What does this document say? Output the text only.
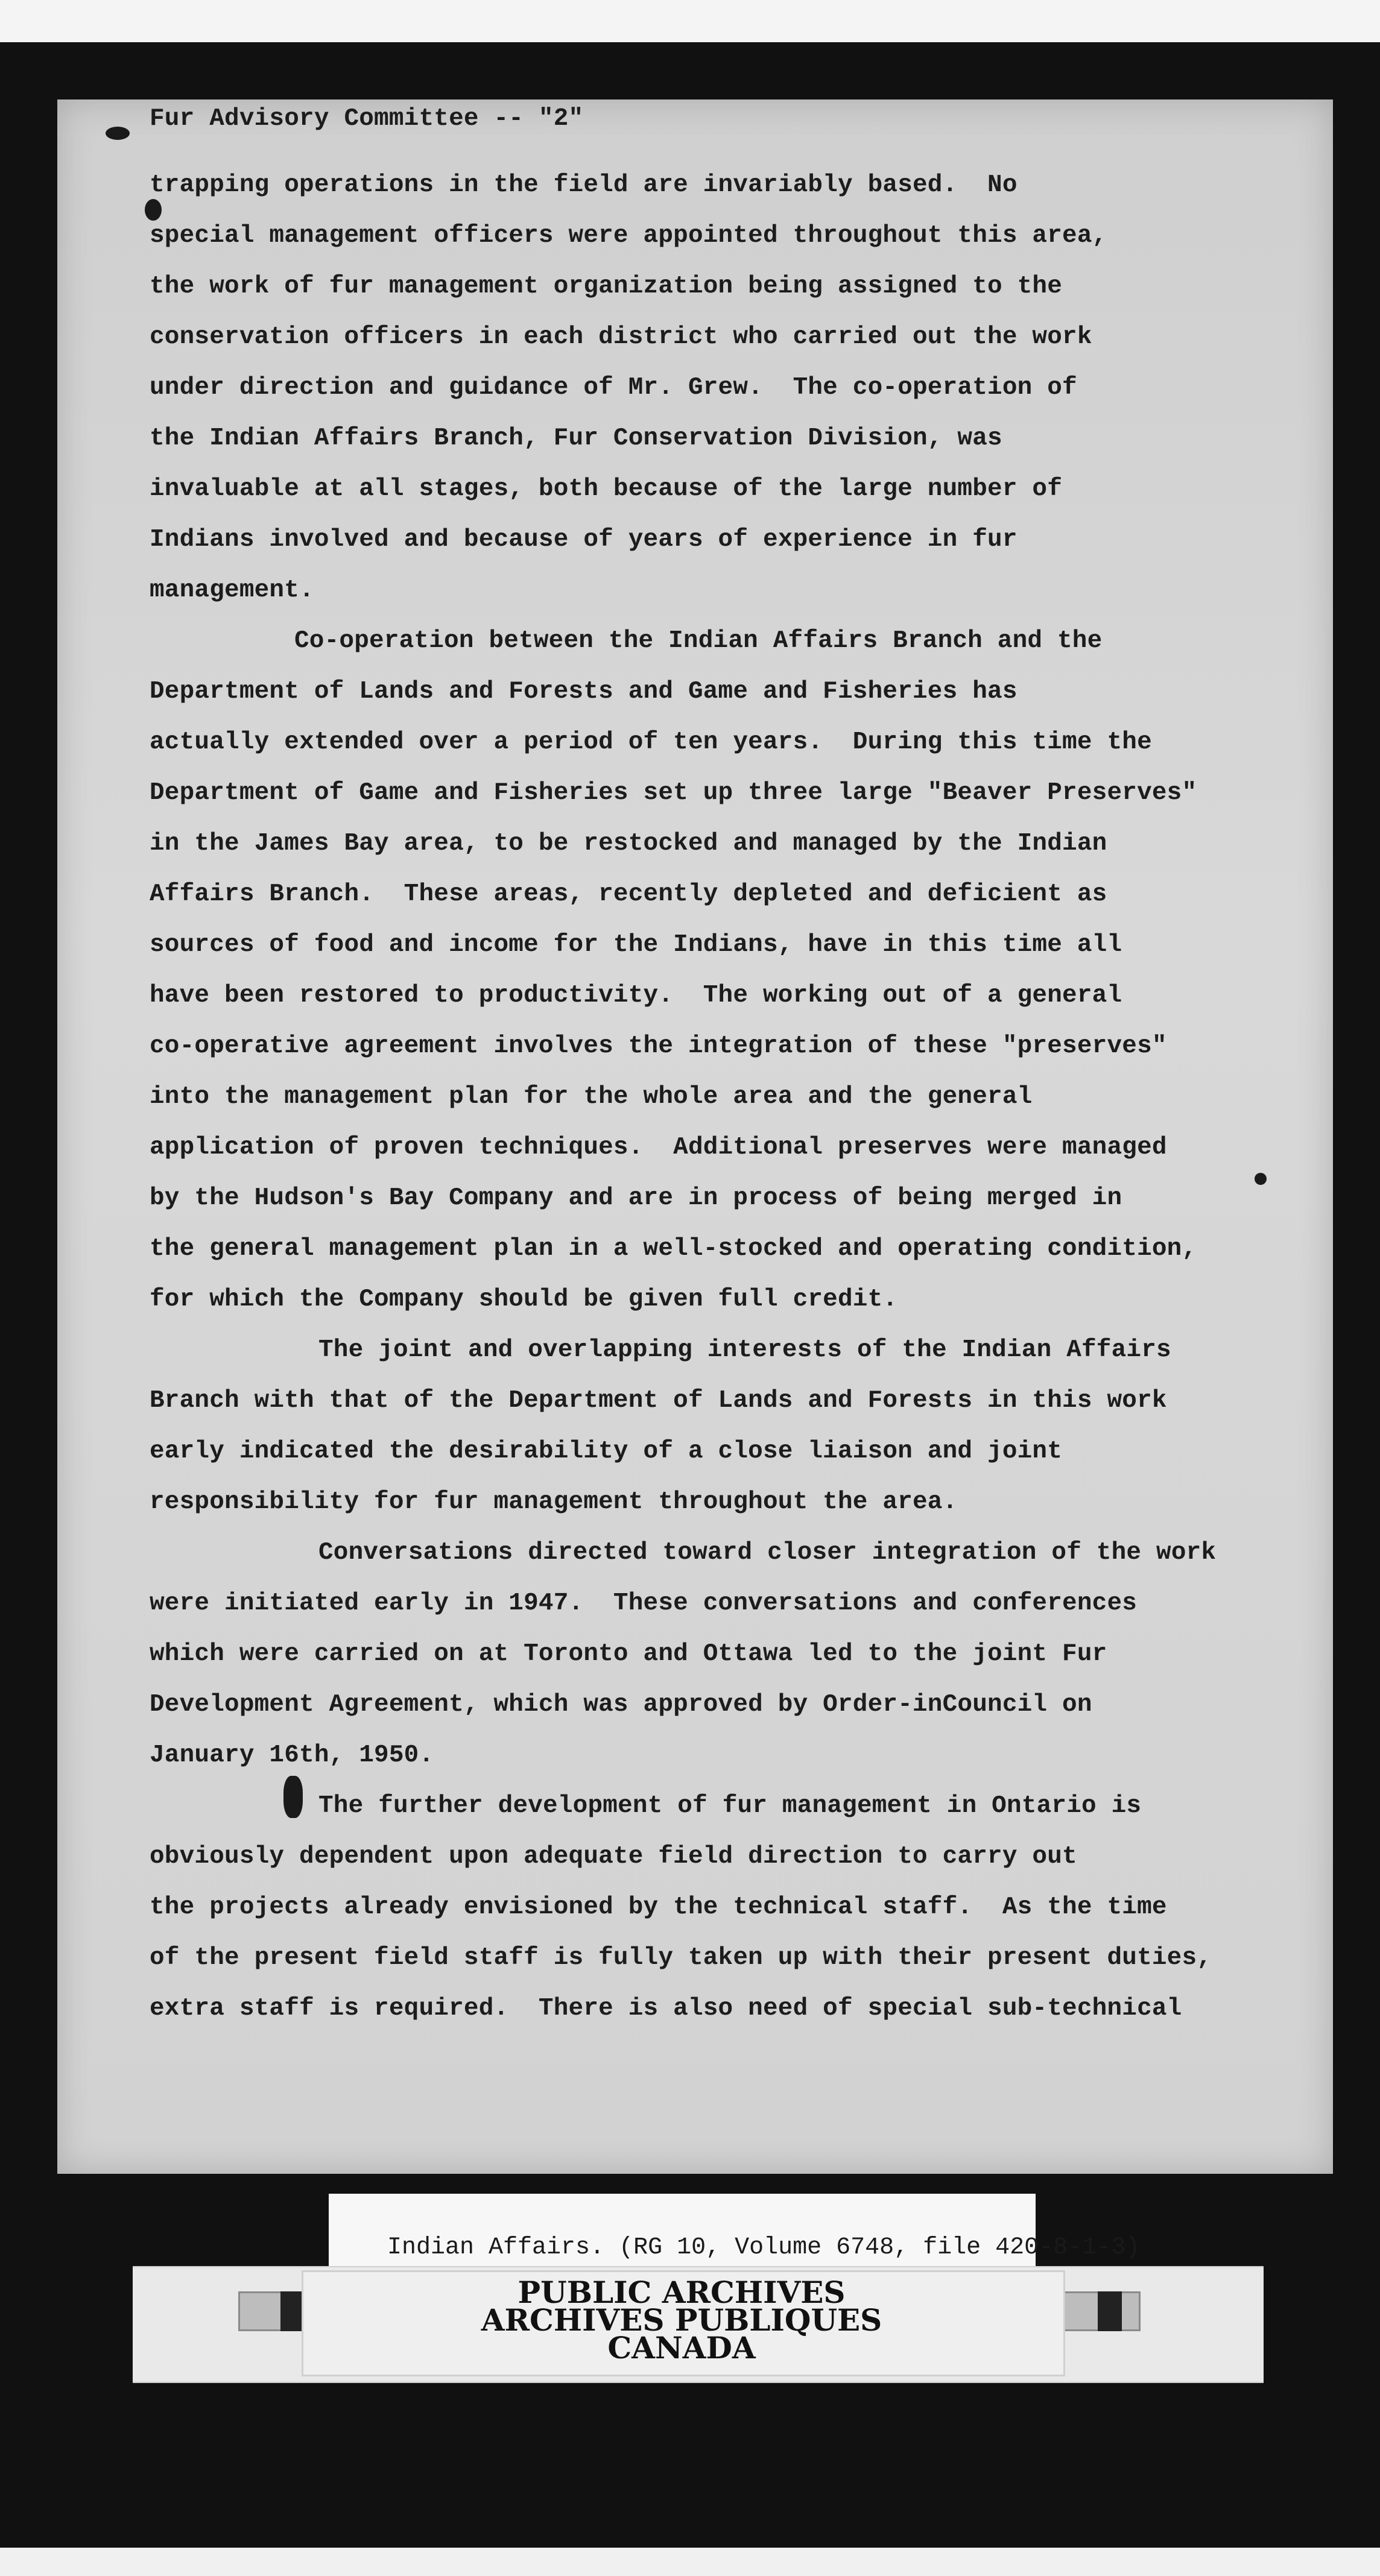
Fur Advisory Committee -- "2"
trapping operations in the field are invariably based.  No
special management officers were appointed throughout this area,
the work of fur management organization being assigned to the
conservation officers in each district who carried out the work
under direction and guidance of Mr. Grew.  The co-operation of
the Indian Affairs Branch, Fur Conservation Division, was
invaluable at all stages, both because of the large number of
Indians involved and because of years of experience in fur
management.
Co-operation between the Indian Affairs Branch and the
Department of Lands and Forests and Game and Fisheries has
actually extended over a period of ten years.  During this time the
Department of Game and Fisheries set up three large "Beaver Preserves"
in the James Bay area, to be restocked and managed by the Indian
Affairs Branch.  These areas, recently depleted and deficient as
sources of food and income for the Indians, have in this time all
have been restored to productivity.  The working out of a general
co-operative agreement involves the integration of these "preserves"
into the management plan for the whole area and the general
application of proven techniques.  Additional preserves were managed
by the Hudson's Bay Company and are in process of being merged in
the general management plan in a well-stocked and operating condition,
for which the Company should be given full credit.
The joint and overlapping interests of the Indian Affairs
Branch with that of the Department of Lands and Forests in this work
early indicated the desirability of a close liaison and joint
responsibility for fur management throughout the area.
Conversations directed toward closer integration of the work
were initiated early in 1947.  These conversations and conferences
which were carried on at Toronto and Ottawa led to the joint Fur
Development Agreement, which was approved by Order-inCouncil on
January 16th, 1950.
The further development of fur management in Ontario is
obviously dependent upon adequate field direction to carry out
the projects already envisioned by the technical staff.  As the time
of the present field staff is fully taken up with their present duties,
extra staff is required.  There is also need of special sub-technical
Indian Affairs. (RG 10, Volume 6748, file 420-8-1-3)
PUBLIC ARCHIVES
ARCHIVES PUBLIQUES
CANADA
